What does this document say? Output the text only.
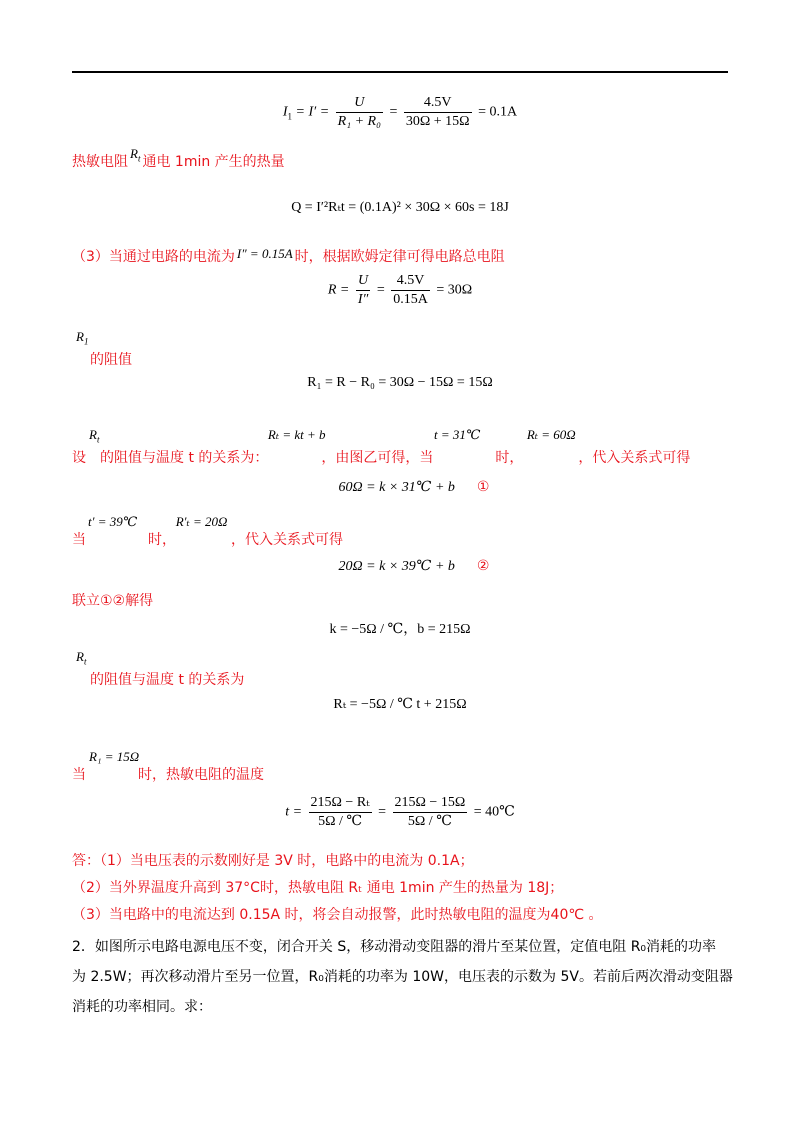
$I_1 = I' = \frac{U}{\text{R₁ + R₀}} = \frac{4.5V}{30\Omega + 15\Omega} = 0.1A$
热敏电阻$R_t$ 通电 1min 产生的热量
Q = I′²Rₜt = (0.1A)² × 30Ω × 60s = 18J
（3）当通过电路的电流为 I″ = 0.15A 时，根据欧姆定律可得电路总电阻
$R = \frac{U}{I''} = \frac{4.5V}{0.15A} = 30\Omega$
$R_1$
的阻值
R₁ = R − R₀ = 30Ω − 15Ω = 15Ω
$R_t$	Rₜ = kt + b	t = 31℃	Rₜ = 60Ω
设 的阻值与温度 t 的关系为：	，由图乙可得，当	时，	，代入关系式可得
60Ω = k × 31℃ + b ①
t′ = 39℃	R′ₜ = 20Ω
当	时，	，代入关系式可得
20Ω = k × 39℃ + b ②
联立①②解得
k = −5Ω / ℃，b = 215Ω
$R_t$
的阻值与温度 t 的关系为
Rₜ = −5Ω / ℃ t + 215Ω
R₁ = 15Ω
当	时，热敏电阻的温度
$t = \frac{\text{215Ω − Rₜ}}{5\Omega / ℃} = \frac{215\Omega - 15\Omega}{5\Omega / ℃}$ = 40℃
答：（1）当电压表的示数刚好是 3V 时，电路中的电流为 0.1A；
（2）当外界温度升高到 37°C时，热敏电阻 Rₜ 通电 1min 产生的热量为 18J；
（3）当电路中的电流达到 0.15A 时，将会自动报警，此时热敏电阻的温度为40℃ 。
2．如图所示电路电源电压不变，闭合开关 S，移动滑动变阻器的滑片至某位置，定值电阻 R₀消耗的功率
为 2.5W；再次移动滑片至另一位置，R₀消耗的功率为 10W，电压表的示数为 5V。若前后两次滑动变阻器
消耗的功率相同。求：
